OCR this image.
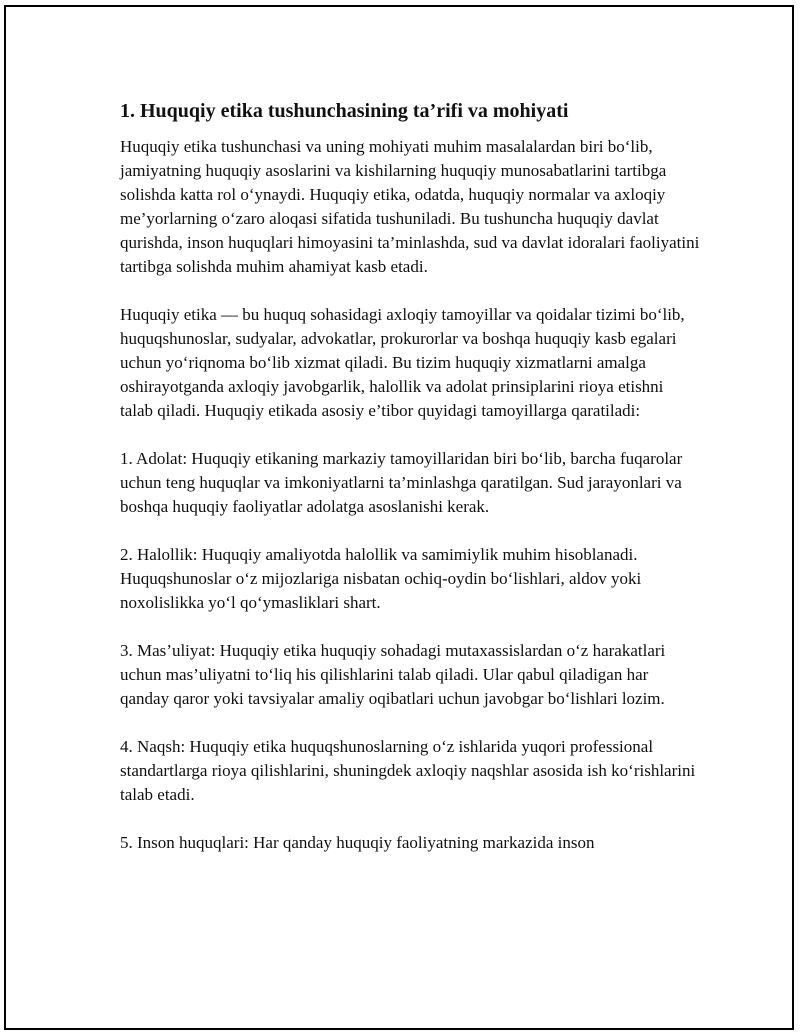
1. Huquqiy etika tushunchasining ta’rifi va mohiyati

Huquqiy etika tushunchasi va uning mohiyati muhim masalalardan biri bo‘lib, jamiyatning huquqiy asoslarini va kishilarning huquqiy munosabatlarini tartibga solishda katta rol o‘ynaydi. Huquqiy etika, odatda, huquqiy normalar va axloqiy me’yorlarning o‘zaro aloqasi sifatida tushuniladi. Bu tushuncha huquqiy davlat qurishda, inson huquqlari himoyasini ta’minlashda, sud va davlat idoralari faoliyatini tartibga solishda muhim ahamiyat kasb etadi.

Huquqiy etika — bu huquq sohasidagi axloqiy tamoyillar va qoidalar tizimi bo‘lib, huquqshunoslar, sudyalar, advokatlar, prokurorlar va boshqa huquqiy kasb egalari uchun yo‘riqnoma bo‘lib xizmat qiladi. Bu tizim huquqiy xizmatlarni amalga oshirayotganda axloqiy javobgarlik, halollik va adolat prinsiplarini rioya etishni talab qiladi. Huquqiy etikada asosiy e’tibor quyidagi tamoyillarga qaratiladi:

1. Adolat: Huquqiy etikaning markaziy tamoyillaridan biri bo‘lib, barcha fuqarolar uchun teng huquqlar va imkoniyatlarni ta’minlashga qaratilgan. Sud jarayonlari va boshqa huquqiy faoliyatlar adolatga asoslanishi kerak.

2. Halollik: Huquqiy amaliyotda halollik va samimiylik muhim hisoblanadi. Huquqshunoslar o‘z mijozlariga nisbatan ochiq-oydin bo‘lishlari, aldov yoki noxolislikka yo‘l qo‘ymasliklari shart.

3. Mas’uliyat: Huquqiy etika huquqiy sohadagi mutaxassislardan o‘z harakatlari uchun mas’uliyatni to‘liq his qilishlarini talab qiladi. Ular qabul qiladigan har qanday qaror yoki tavsiyalar amaliy oqibatlari uchun javobgar bo‘lishlari lozim.

4. Naqsh: Huquqiy etika huquqshunoslarning o‘z ishlarida yuqori professional standartlarga rioya qilishlarini, shuningdek axloqiy naqshlar asosida ish ko‘rishlarini talab etadi.

5. Inson huquqlari: Har qanday huquqiy faoliyatning markazida inson
